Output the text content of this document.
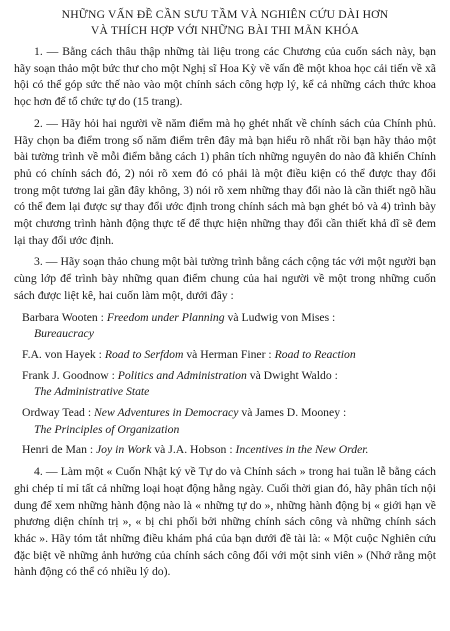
NHỮNG VẤN ĐỀ CẦN SƯU TẦM VÀ NGHIÊN CỨU DÀI HƠN
VÀ THÍCH HỢP VỚI NHỮNG BÀI THI MÃN KHÓA

1. — Bằng cách thâu thập những tài liệu trong các Chương của cuốn sách này, bạn hãy soạn thảo một bức thư cho một Nghị sĩ Hoa Kỳ về vấn đề một khoa học cải tiến về xã hội có thể góp sức thế nào vào một chính sách công hợp lý, kể cả những cách thức khoa học hơn để tổ chức tự do (15 trang).

2. — Hãy hỏi hai người về năm điểm mà họ ghét nhất về chính sách của Chính phủ. Hãy chọn ba điểm trong số năm điểm trên đây mà bạn hiểu rõ nhất rồi bạn hãy thảo một bài tường trình về mỗi điểm bằng cách 1) phân tích những nguyên do nào đã khiến Chính phủ có chính sách đó, 2) nói rõ xem đó có phải là một điều kiện có thể được thay đổi trong một tương lai gần đây không, 3) nói rõ xem những thay đổi nào là cần thiết ngõ hầu có thể đem lại được sự thay đổi ước định trong chính sách mà bạn ghét bỏ và 4) trình bày một chương trình hành động thực tế để thực hiện những thay đổi cần thiết khả dĩ sẽ đem lại thay đổi ước định.

3. — Hãy soạn thảo chung một bài tường trình bằng cách cộng tác với một người bạn cùng lớp để trình bày những quan điểm chung của hai người về một trong những cuốn sách được liệt kê, hai cuốn làm một, dưới đây :

Barbara Wooten : Freedom under Planning và Ludwig von Mises :
Bureaucracy

F.A. von Hayek : Road to Serfdom và Herman Finer : Road to Reaction

Frank J. Goodnow : Politics and Administration và Dwight Waldo :
The Administrative State

Ordway Tead : New Adventures in Democracy và James D. Mooney :
The Principles of Organization

Henri de Man : Joy in Work và J.A. Hobson : Incentives in the New Order.

4. — Làm một « Cuốn Nhật ký về Tự do và Chính sách » trong hai tuần lễ bằng cách ghi chép tỉ mỉ tất cả những loại hoạt động hằng ngày. Cuối thời gian đó, hãy phân tích nội dung để xem những hành động nào là « những tự do », những hành động bị « giới hạn về phương diện chính trị », « bị chi phối bởi những chính sách công và những chính sách khác ». Hãy tóm tắt những điều khám phá của bạn dưới đề tài là: « Một cuộc Nghiên cứu đặc biệt về những ảnh hưởng của chính sách công đối với một sinh viên » (Nhớ rằng một hành động có thể có nhiều lý do).
